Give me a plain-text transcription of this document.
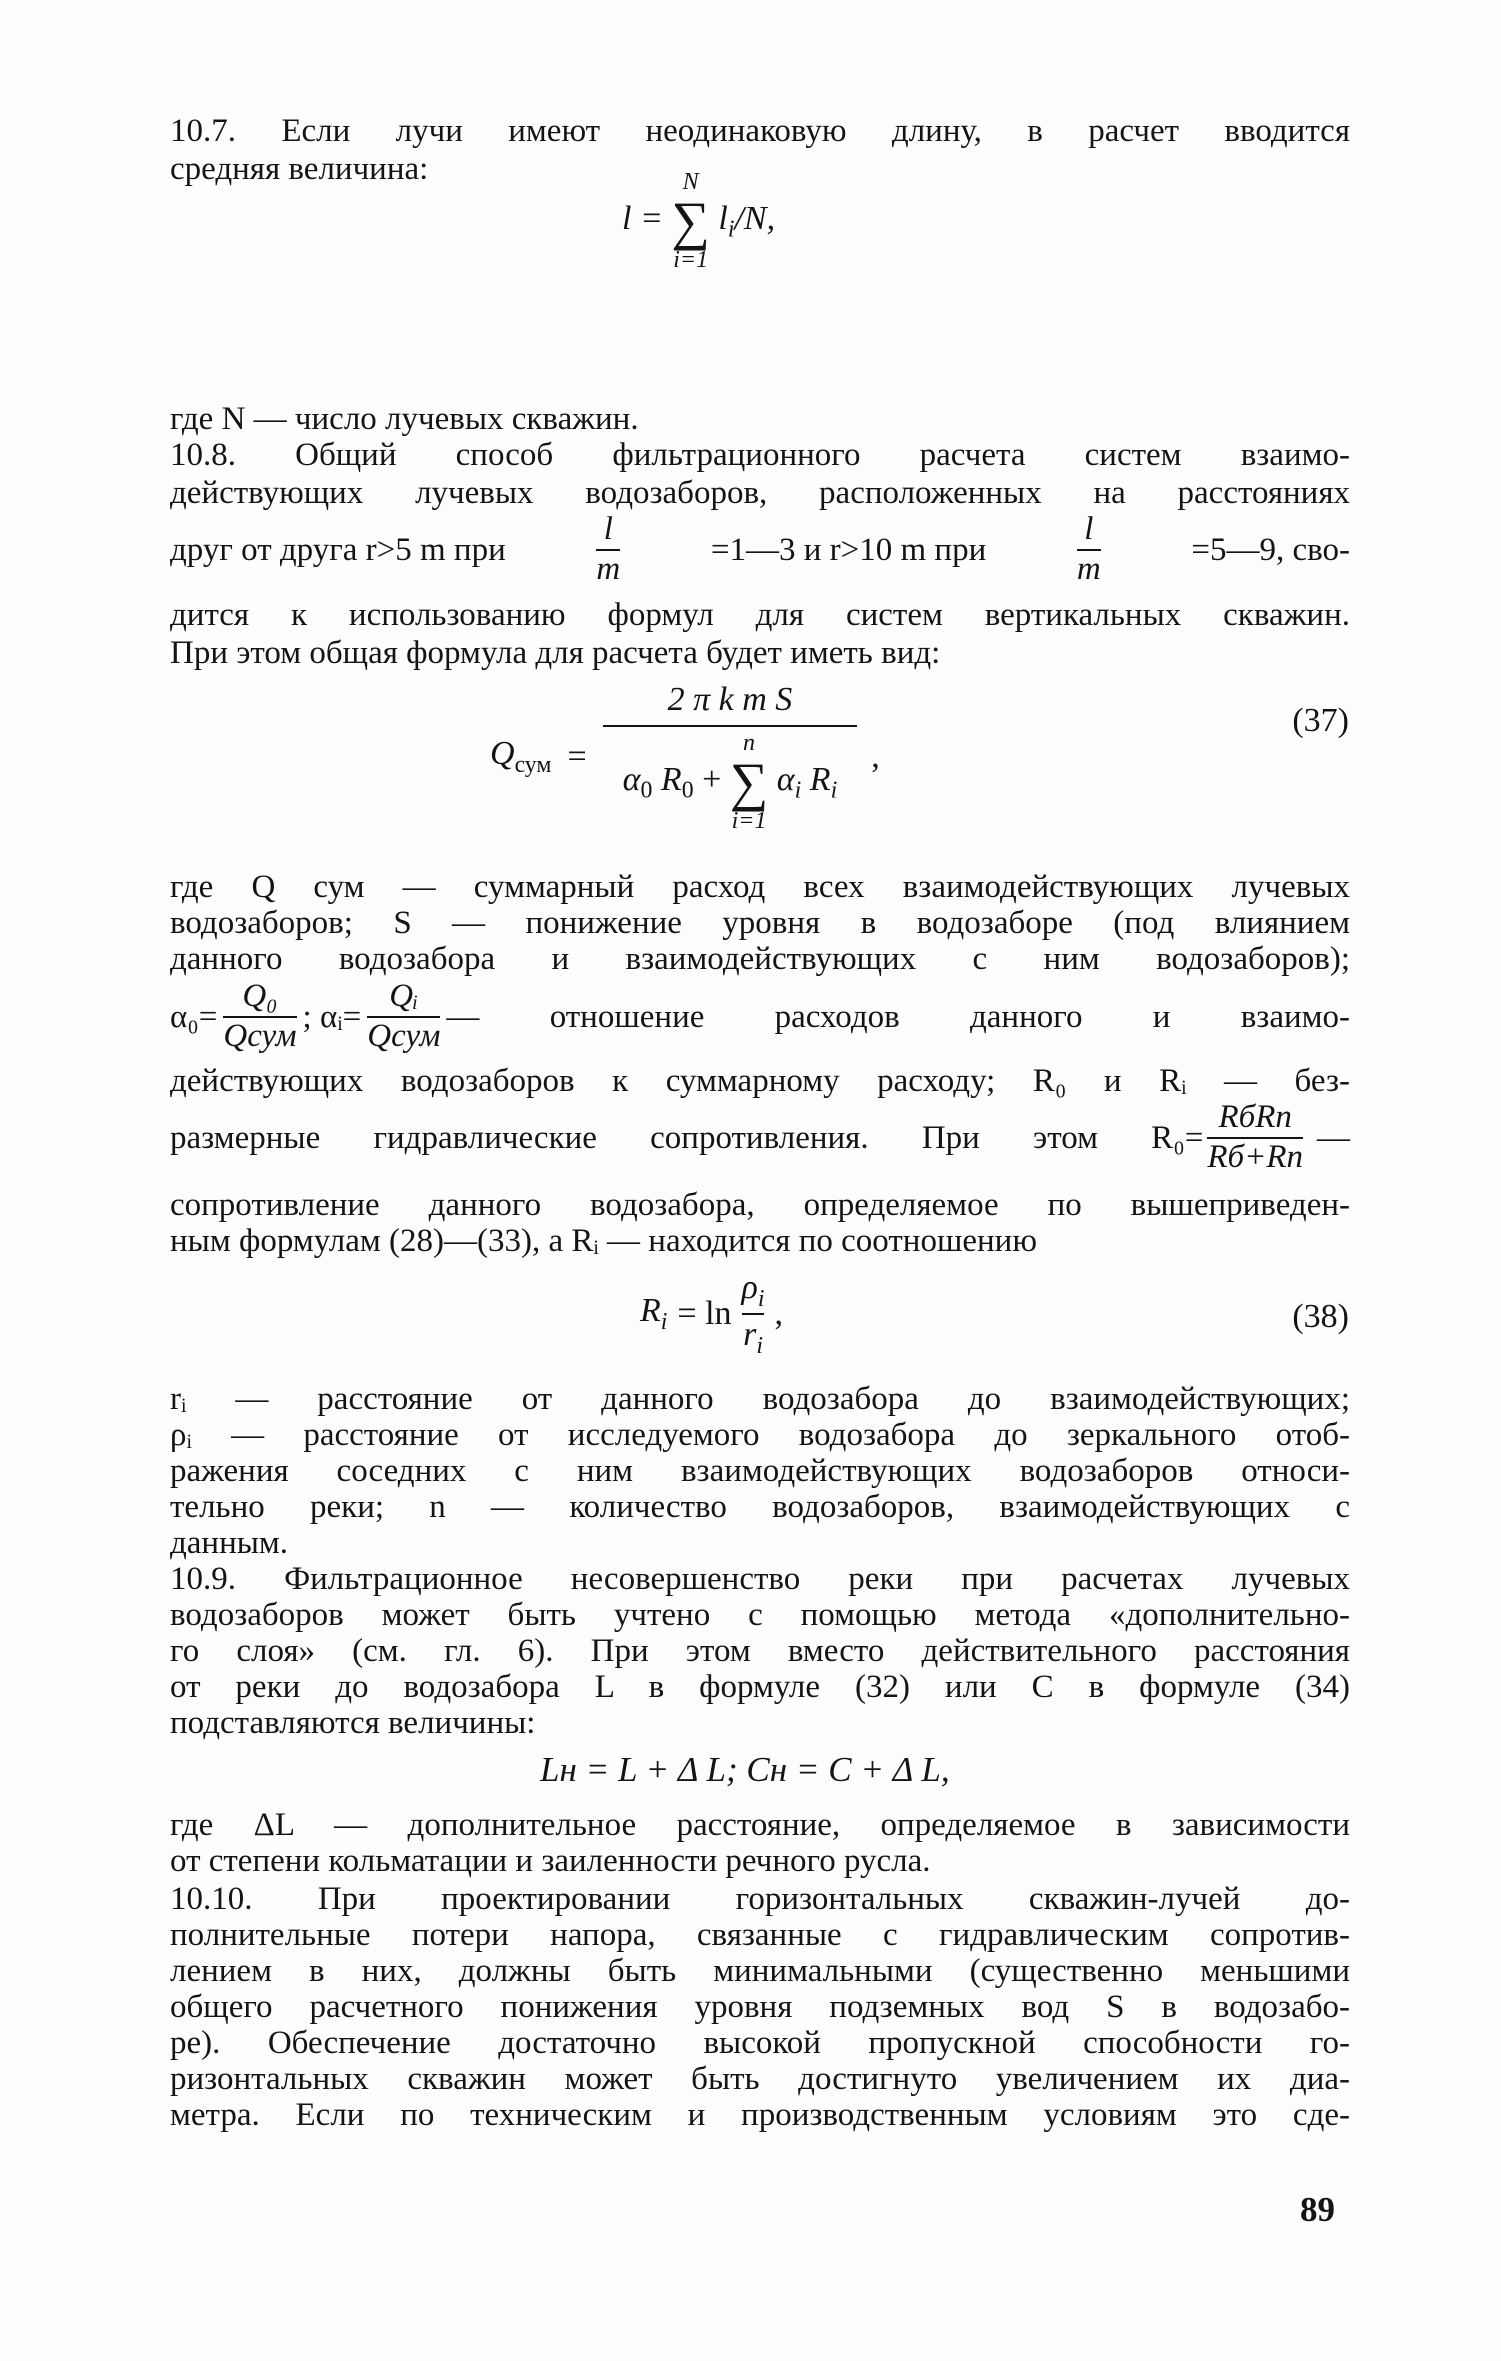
10.7. Если лучи имеют неодинаковую длину, в расчет вводится
средняя величина:
l =
N
∑
i=1
$l_i/N$,
где N — число лучевых скважин.
10.8. Общий способ фильтрационного расчета систем взаимо-
действующих лучевых водозаборов, расположенных на расстояниях
друг от друга r>5 m при	$\frac{l}{m}$	=1—3 и r>10 m при	$\frac{l}{m}$	=5—9, сво-
дится к использованию формул для систем вертикальных скважин.
При этом общая формула для расчета будет иметь вид:
$Q_{сум}$ =
2 π k m S
$\alpha_0$ $R_0$ +
n
∑
i=1
$\alpha_i$ $R_i$
,
(37)
где Q сум — суммарный расход всех взаимодействующих лучевых
водозаборов; S — понижение уровня в водозаборе (под влиянием
данного водозабора и взаимодействующих с ним водозаборов);
$\alpha_0= \frac{\text{Q₀}}{\text{Qсум}}$ ; αᵢ= $\frac{\text{Qᵢ}}{\text{Qсум}}$ — отношение расходов данного и взаимо-
действующих водозаборов к суммарному расходу; R₀ и Rᵢ — без-
размерные гидравлические сопротивления. При этом $R_0= \frac{\text{RбRп}}{Rб+Rп}$ —
сопротивление данного водозабора, определяемое по вышеприведен-
ным формулам (28)—(33), а Rᵢ — находится по соотношению
$R_i = \ln \frac{\rho_i}{r_i}$ ,	(38)
rᵢ — расстояние от данного водозабора до взаимодействующих;
ρᵢ — расстояние от исследуемого водозабора до зеркального отоб-
ражения соседних с ним взаимодействующих водозаборов относи-
тельно реки; n — количество водозаборов, взаимодействующих с
данным.
10.9. Фильтрационное несовершенство реки при расчетах лучевых
водозаборов может быть учтено с помощью метода «дополнительно-
го слоя» (см. гл. 6). При этом вместо действительного расстояния
от реки до водозабора L в формуле (32) или C в формуле (34)
подставляются величины:
Lн = L + Δ L; Cн = C + Δ L,
где ΔL — дополнительное расстояние, определяемое в зависимости
от степени кольматации и заиленности речного русла.
10.10. При проектировании горизонтальных скважин-лучей до-
полнительные потери напора, связанные с гидравлическим сопротив-
лением в них, должны быть минимальными (существенно меньшими
общего расчетного понижения уровня подземных вод S в водозабо-
ре). Обеспечение достаточно высокой пропускной способности го-
ризонтальных скважин может быть достигнуто увеличением их диа-
метра. Если по техническим и производственным условиям это сде-
89
